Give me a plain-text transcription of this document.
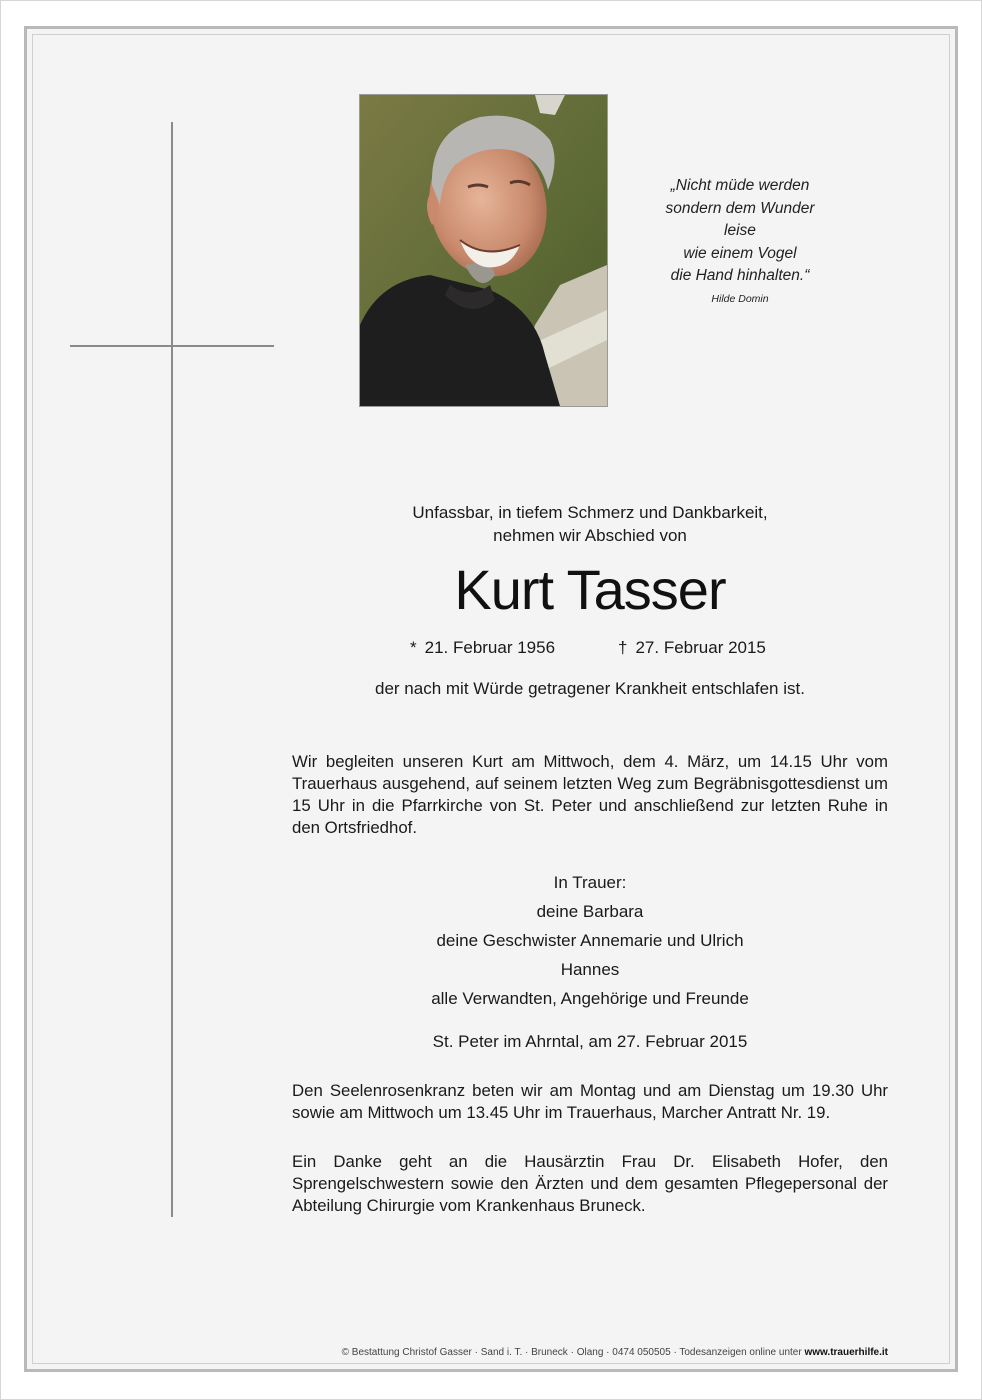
„Nicht müde werden
sondern dem Wunder
leise
wie einem Vogel
die Hand hinhalten.“
Hilde Domin
Unfassbar, in tiefem Schmerz und Dankbarkeit,
nehmen wir Abschied von
Kurt Tasser
* 21. Februar 1956	† 27. Februar 2015
der nach mit Würde getragener Krankheit entschlafen ist.
Wir begleiten unseren Kurt am Mittwoch, dem 4. März, um 14.15 Uhr vom Trauerhaus ausgehend, auf seinem letzten Weg zum Begräbnisgottesdienst um 15 Uhr in die Pfarrkirche von St. Peter und anschließend zur letzten Ruhe in den Ortsfriedhof.
In Trauer:
deine Barbara
deine Geschwister Annemarie und Ulrich
Hannes
alle Verwandten, Angehörige und Freunde
St. Peter im Ahrntal, am 27. Februar 2015
Den Seelenrosenkranz beten wir am Montag und am Dienstag um 19.30 Uhr sowie am Mittwoch um 13.45 Uhr im Trauerhaus, Marcher Antratt Nr. 19.
Ein Danke geht an die Hausärztin Frau Dr. Elisabeth Hofer, den Sprengelschwestern sowie den Ärzten und dem gesamten Pflegepersonal der Abteilung Chirurgie vom Krankenhaus Bruneck.
© Bestattung Christof Gasser · Sand i. T. · Bruneck · Olang · 0474 050505 · Todesanzeigen online unter www.trauerhilfe.it
